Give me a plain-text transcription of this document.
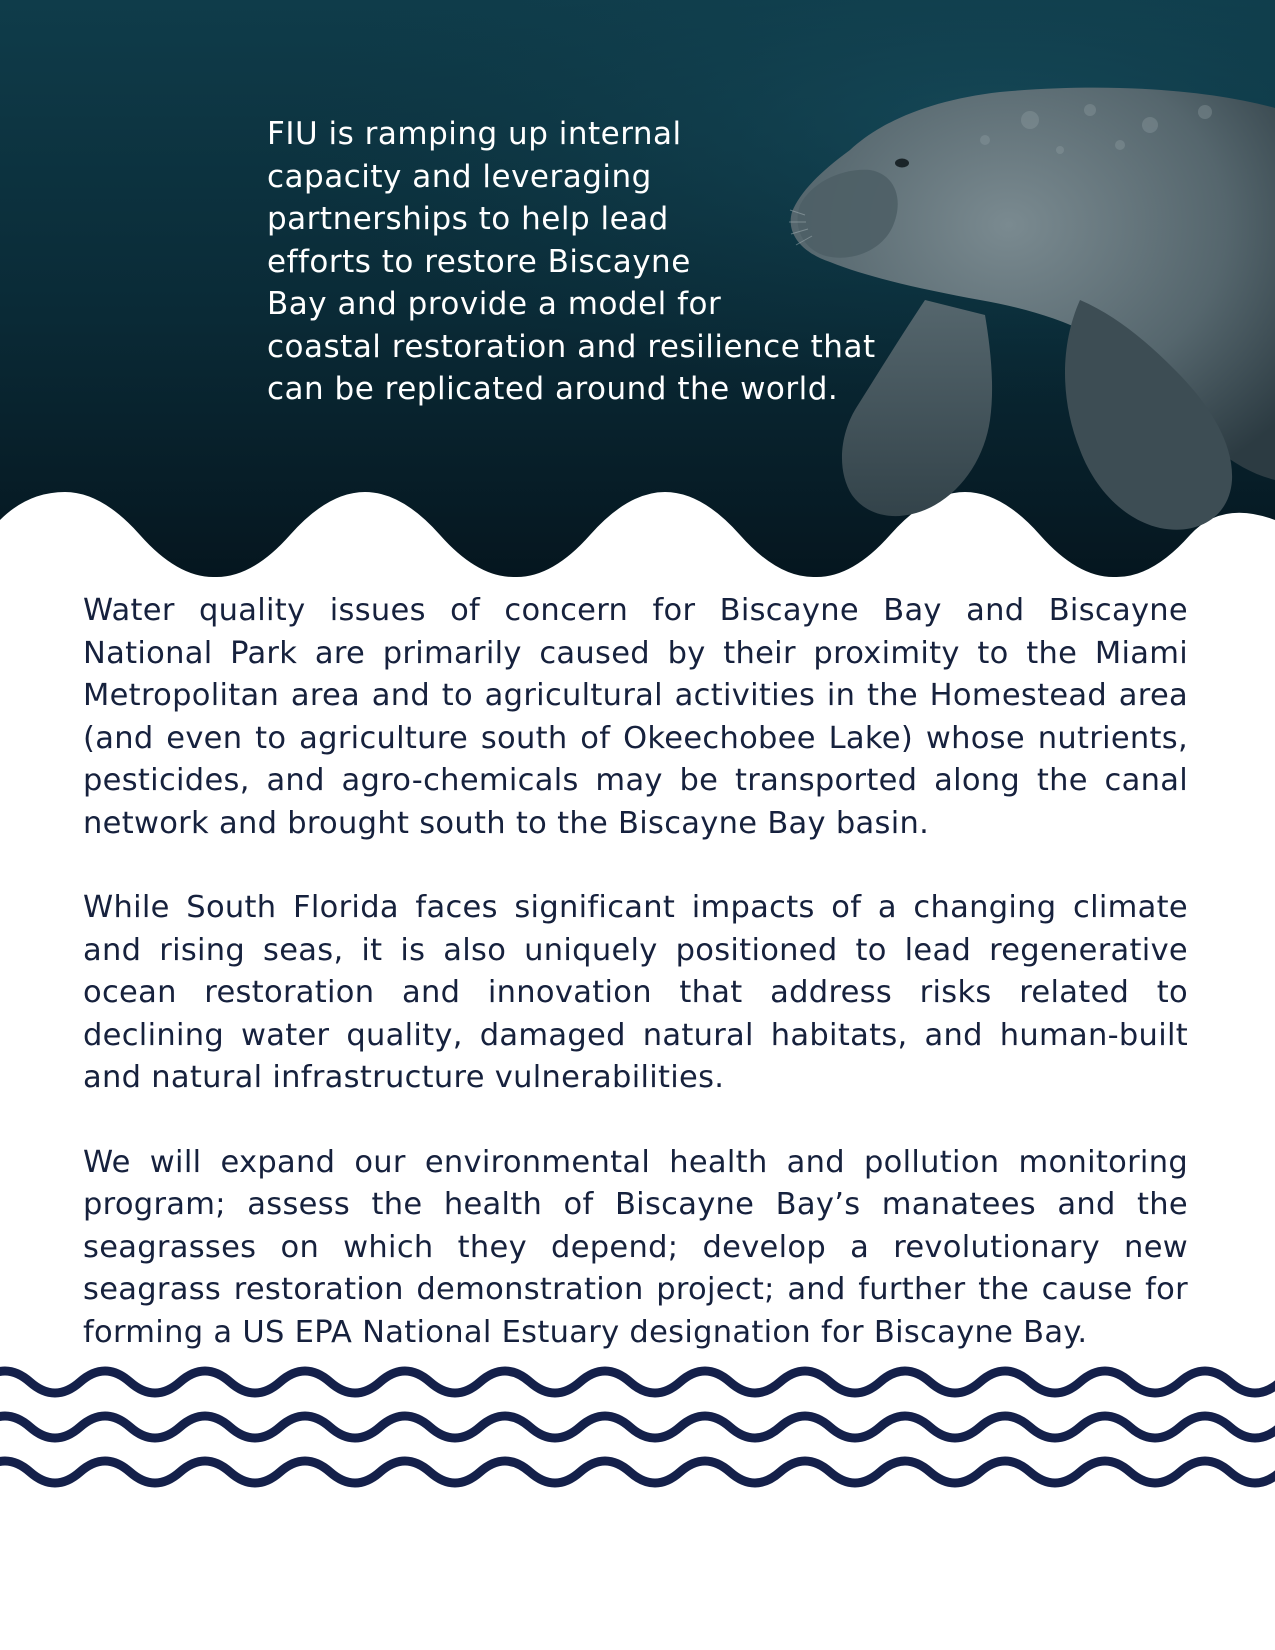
FIU is ramping up internal
capacity and leveraging
partnerships to help lead
efforts to restore Biscayne
Bay and provide a model for
coastal restoration and resilience that
can be replicated around the world.

Water quality issues of concern for Biscayne Bay and Biscayne National Park are primarily caused by their proximity to the Miami Metropolitan area and to agricultural activities in the Homestead area (and even to agriculture south of Okeechobee Lake) whose nutrients, pesticides, and agro-chemicals may be transported along the canal network and brought south to the Biscayne Bay basin.

While South Florida faces significant impacts of a changing climate and rising seas, it is also uniquely positioned to lead regenerative ocean restoration and innovation that address risks related to declining water quality, damaged natural habitats, and human-built and natural infrastructure vulnerabilities.

We will expand our environmental health and pollution monitoring program; assess the health of Biscayne Bay’s manatees and the seagrasses on which they depend; develop a revolutionary new seagrass restoration demonstration project; and further the cause for forming a US EPA National Estuary designation for Biscayne Bay.
